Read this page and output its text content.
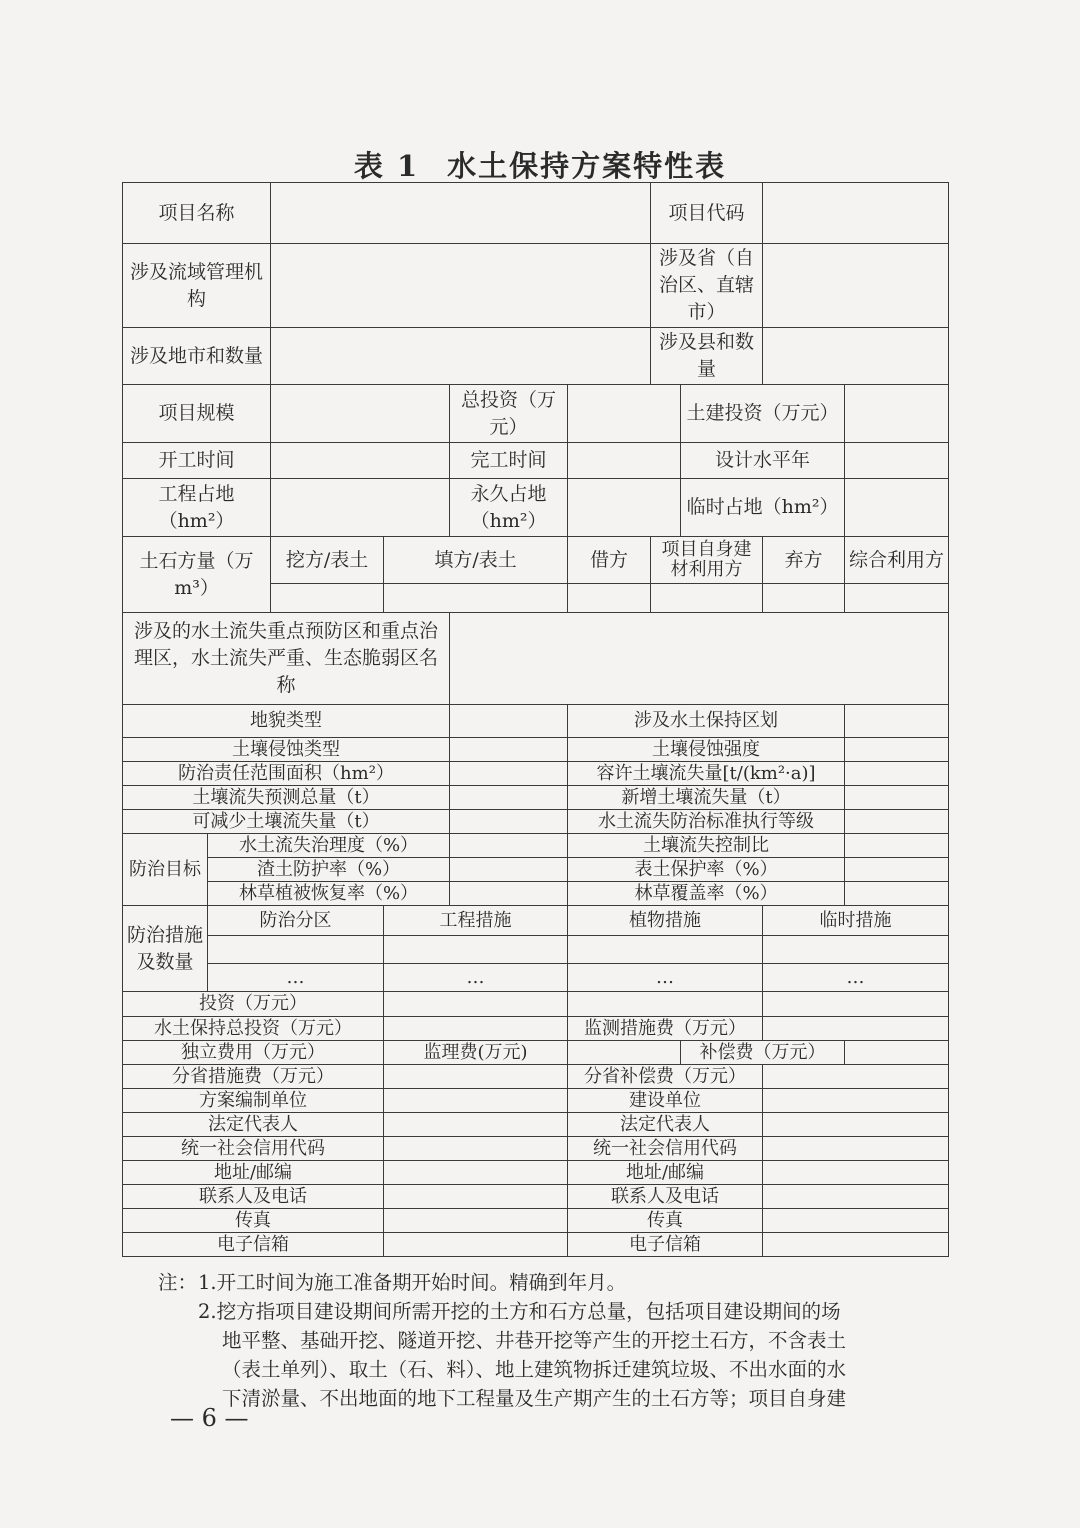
表 1 水土保持方案特性表
项目名称						项目代码			
涉及流域管理机构						涉及省（自治区、直辖市）			
涉及地市和数量						涉及县和数量			
项目规模				总投资（万元）			土建投资（万元）		
开工时间				完工时间			设计水平年		
工程占地（hm²）				永久占地（hm²）			临时占地（hm²）		
土石方量（万 m³）		挖方/表土	填方/表土		借方	项目自身建材利用方		弃方	综合利用方

涉及的水土流失重点预防区和重点治理区，水土流失严重、生态脆弱区名称									
地貌类型					涉及水土保持区划				
土壤侵蚀类型					土壤侵蚀强度				
防治责任范围面积（hm²）					容许土壤流失量[t/(km²·a)]				
土壤流失预测总量（t）					新增土壤流失量（t）				
可减少土壤流失量（t）					水土流失防治标准执行等级				
防治目标	水土流失治理度（%）				土壤流失控制比				
	渣土防护率（%）				表土保护率（%）				
	林草植被恢复率（%）				林草覆盖率（%）				
防治措施及数量	防治分区		工程措施		植物措施			临时措施	

	…		…		…			…	
投资（万元）									
水土保持总投资（万元）					监测措施费（万元）				
独立费用（万元）			监理费(万元)				补偿费（万元）		
分省措施费（万元）					分省补偿费（万元）				
方案编制单位					建设单位				
法定代表人					法定代表人				
统一社会信用代码					统一社会信用代码				
地址/邮编					地址/邮编				
联系人及电话					联系人及电话				
传真					传真				
电子信箱					电子信箱				
注： 1.开工时间为施工准备期开始时间。精确到年月。
2.挖方指项目建设期间所需开挖的土方和石方总量，包括项目建设期间的场
地平整、基础开挖、隧道开挖、井巷开挖等产生的开挖土石方，不含表土
（表土单列）、取土（石、料）、地上建筑物拆迁建筑垃圾、不出水面的水
下清淤量、不出地面的地下工程量及生产期产生的土石方等；项目自身建
— 6 —
